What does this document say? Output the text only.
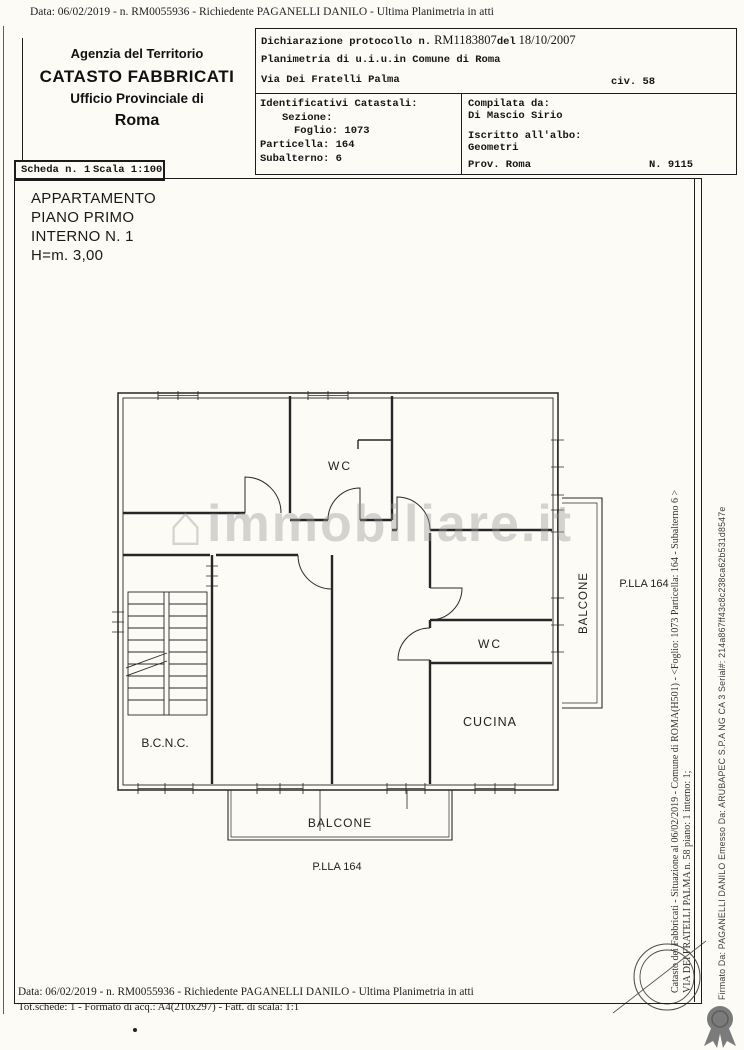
Data: 06/02/2019 - n. RM0055936 - Richiedente PAGANELLI DANILO - Ultima Planimetria in atti
Agenzia del Territorio
CATASTO FABBRICATI
Ufficio Provinciale di
Roma
Scheda n. 1 Scala 1:100
Dichiarazione protocollo n. RM1183807del 18/10/2007
Planimetria di u.i.u.in Comune di Roma
Via Dei Fratelli Palma	civ. 58
Identificativi Catastali:
Sezione:
Foglio: 1073
Particella: 164
Subalterno: 6
Compilata da:
Di Mascio Sirio
Iscritto all'albo:
Geometri
Prov. Roma	N. 9115
APPARTAMENTO
PIANO PRIMO
INTERNO N. 1
H=m. 3,00
WC
WC
CUCINA
B.C.N.C.
BALCONE
BALCONE	P.LLA 164
P.LLA 164
⌂immobiliare.it	Catasto dei Fabbricati - Situazione al 06/02/2019 - Comune di ROMA(H501) - <Foglio: 1073 Particella: 164 - Subalterno 6 > VIA DEI FRATELLI PALMA n. 58 piano: 1 interno: 1;	Firmato Da: PAGANELLI DANILO Emesso Da: ARUBAPEC S.P.A NG CA 3 Serial#: 214a867ff43c8c238ca62b531d8547e
Data: 06/02/2019 - n. RM0055936 - Richiedente PAGANELLI DANILO - Ultima Planimetria in atti
Tot.schede: 1 - Formato di acq.: A4(210x297) - Fatt. di scala: 1:1
